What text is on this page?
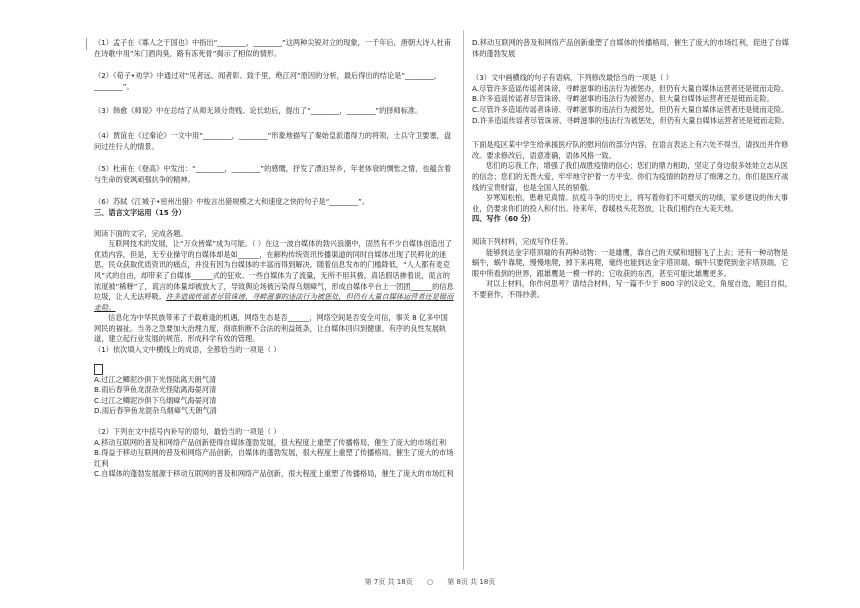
（1）孟子在《寡人之于国也》中指出“________，________”这两种尖锐对立的现象，一千年后，唐朝大诗人杜甫在诗歌中用“朱门酒肉臭，路有冻死骨”揭示了相似的情形。

（2）《荀子•劝学》中通过对“见者远、闻者彰、致千里、绝江河”原因的分析，最后得出的结论是“________，________”。

（3）韩愈《师说》中在总结了从师无须分贵贱、论长幼后，提出了“________，________”的择师标准。

（4）贾谊在《过秦论》一文中用“________，________”形象地描写了秦始皇派遣得力的将领，士兵守卫要塞，盘问过往行人的情景。

（5）杜甫在《登高》中发出：“________，________”的感慨，抒发了漂泊异乡，年老体衰的惆怅之情，也蕴含着与生命的衰飒顽强抗争的精神。

（6）苏轼《江城子•密州出猎》中梭言出猎规模之大和速度之快的句子是“________”。

三、语言文字运用（15 分）

阅读下面的文字，完成各题。

互联网技术的发展，让“万众皆媒”成为可能。（ ）在这一波自媒体的勃兴浪潮中，固然有不少自媒体创造出了优质内容，但是，无专业操守的自媒体却是如______，在解构传统资讯传播渠道的同时自媒体出现了民粹化的迷思，民众获取优质资讯的痛点，并没有因为自媒体的丰富而得到解决。随着信息发布的门槛降低，“人人都有麦克风”式的自由，却带来了自媒体______式的狂欢。一些自媒体为了流量，无所不用其极。真话假话掺着说，谎言的浓度被“稀释”了，谎言的体量却被放大了，导致舆论场被污染得乌烟瘴气，形成自媒体平台上一团团______的信息垃圾，让人无法呼吸。许多造谣传谣者尽管诛谤、寻衅滋事的违法行为被惩处，但仍有大量自媒体运营者还是铤而走险。

信息化为中华民族带来了千载难逢的机遇，网络生态是否______，网络空间是否安全可信，事关 8 亿多中国网民的福祉。当务之急要加大治理力度，彻底斩断不合法的利益链条，让自媒体回归到健康、有序的良性发展轨道，建立起行业发展的规范、形成科学有效的管理。

（1）依次填入文中横线上的成语，全都恰当的一项是（ ）

A.过江之鲫泥沙俱下光怪陆离天朗气清

B.雨后春笋鱼龙混杂光怪陆离海晏河清

C.过江之鲫泥沙俱下乌烟瘴气海晏河清

D.雨后春笋鱼龙混杂乌烟瘴气天朗气清

（2）下列在文中括号内补写的语句，最恰当的一项是（ ）

A.移动互联网的普及和网络产品创新使得自媒体蓬勃发展，很大程度上重塑了传播格局，催生了庞大的市场红利

B.得益于移动互联网的普及和网络产品创新，自媒体的蓬勃发展，很大程度上重塑了传播格局，催生了庞大的市场红利

C.自媒体的蓬勃发展源于移动互联网的普及和网络产品创新，很大程度上重塑了传播格局，催生了庞大的市场红利

D.移动互联网的普及和网络产品创新重塑了自媒体的传播格局，催生了庞大的市场红利，促进了自媒体的蓬勃发展

（3）文中画横线的句子有语病，下列修改最恰当的一项是（ ）

A.尽管许多造谣传谣者诛谤、寻衅滋事的违法行为被惩办，但仍有大量自媒体运营者还是铤而走险。

B.许多造谣传谣者尽管诛谤、寻衅滋事的违法行为被惩办，但大量自媒体运营者还是铤而走险。

C.尽管许多造谣传谣者诛谤、寻衅滋事的违法行为被惩处，但仍有大量自媒体运营者还是铤而走险。

D.许多造谣传谣者尽管诛谤、寻衅滋事的违法行为被惩处，但仍有大量自媒体运营者还是铤而走险。

下面是疫区某中学生给承援医疗队的慰问信的部分内容，在语言表达上有六处不得当，请找出并作修改。要求修改后，语意准确，语体风格一致。

您们的忘我工作，增强了我们战胜疫情的信心；您们的鼎力相助，坚定了身边很多娃娃立志从医的信念；您们的无畏大爱，牢牢地守护着一方平安。你们为疫情的防控尽了绵薄之力，你们是医疗战线的宝贵财富，也是全国人民的骄傲。

岁寒知松柏，患难见真情。抗疫斗争的历史上，将写着你们不可磨灭的功绩，家乡建设的伟大事业，仍要求你们的投入和付出。待来年，春暖枝头花怒放，让我们相约在大美天地。

四、写作（60 分）

阅读下列材料，完成写作任务。

能够到达金字塔顶端的有两种动物：一是雄鹰，靠自己的天赋和翅膀飞了上去；还有一种动物是蜗牛，蜗牛靠爬，慢慢地爬，掉下来再爬，毫终也能到达金字塔顶端。蜗牛只要爬到金字塔顶端，它眼中所看到的世界，跟雄鹰是一模一样的；它收获的东西，甚至可能比雄鹰更多。

对以上材料，你作何思考？请结合材料，写一篇不少于 800 字的议论文，角度自选，题目自拟，不要套作，不得抄袭。

第 7页 共 18页 ○ 第 8页 共 18页
